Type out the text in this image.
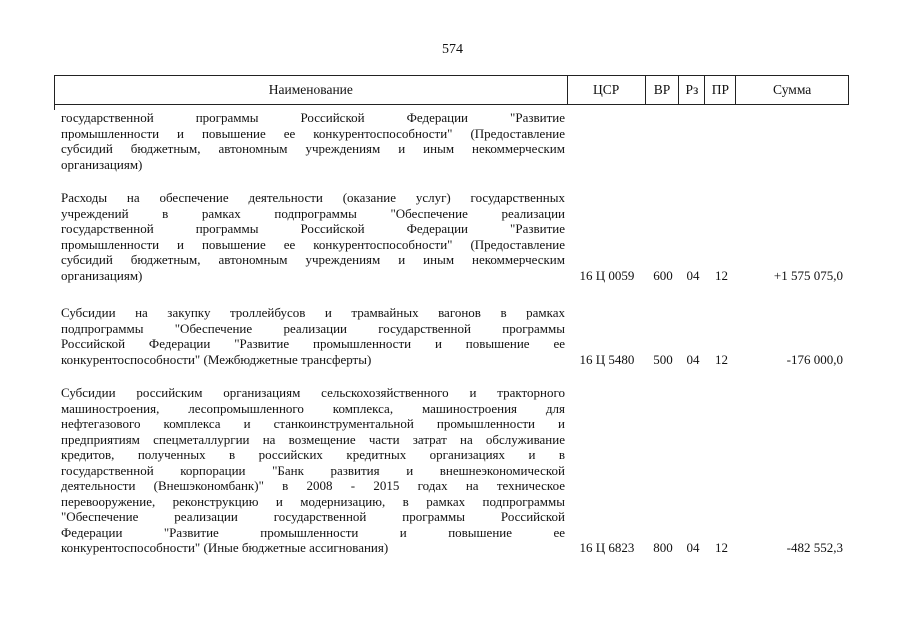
574
Наименование	ЦСР	ВР	Рз ПР	Сумма
государственной программы Российской Федерации "Развитие
промышленности и повышение ее конкурентоспособности" (Предоставление
субсидий бюджетным, автономным учреждениям и иным некоммерческим
организациям)
Расходы на обеспечение деятельности (оказание услуг) государственных
учреждений в рамках подпрограммы "Обеспечение реализации
государственной программы Российской Федерации "Развитие
промышленности и повышение ее конкурентоспособности" (Предоставление
субсидий бюджетным, автономным учреждениям и иным некоммерческим
организациям)	16 Ц 0059	600	04	12	+1 575 075,0
Субсидии на закупку троллейбусов и трамвайных вагонов в рамках
подпрограммы "Обеспечение реализации государственной программы
Российской Федерации "Развитие промышленности и повышение ее
конкурентоспособности" (Межбюджетные трансферты)	16 Ц 5480	500	04	12	-176 000,0
Субсидии российским организациям сельскохозяйственного и тракторного
машиностроения, лесопромышленного комплекса, машиностроения для
нефтегазового комплекса и станкоинструментальной промышленности и
предприятиям спецметаллургии на возмещение части затрат на обслуживание
кредитов, полученных в российских кредитных организациях и в
государственной корпорации "Банк развития и внешнеэкономической
деятельности (Внешэкономбанк)" в 2008 - 2015 годах на техническое
перевооружение, реконструкцию и модернизацию, в рамках подпрограммы
"Обеспечение реализации государственной программы Российской
Федерации "Развитие промышленности и повышение ее
конкурентоспособности" (Иные бюджетные ассигнования)	16 Ц 6823	800	04	12	-482 552,3
